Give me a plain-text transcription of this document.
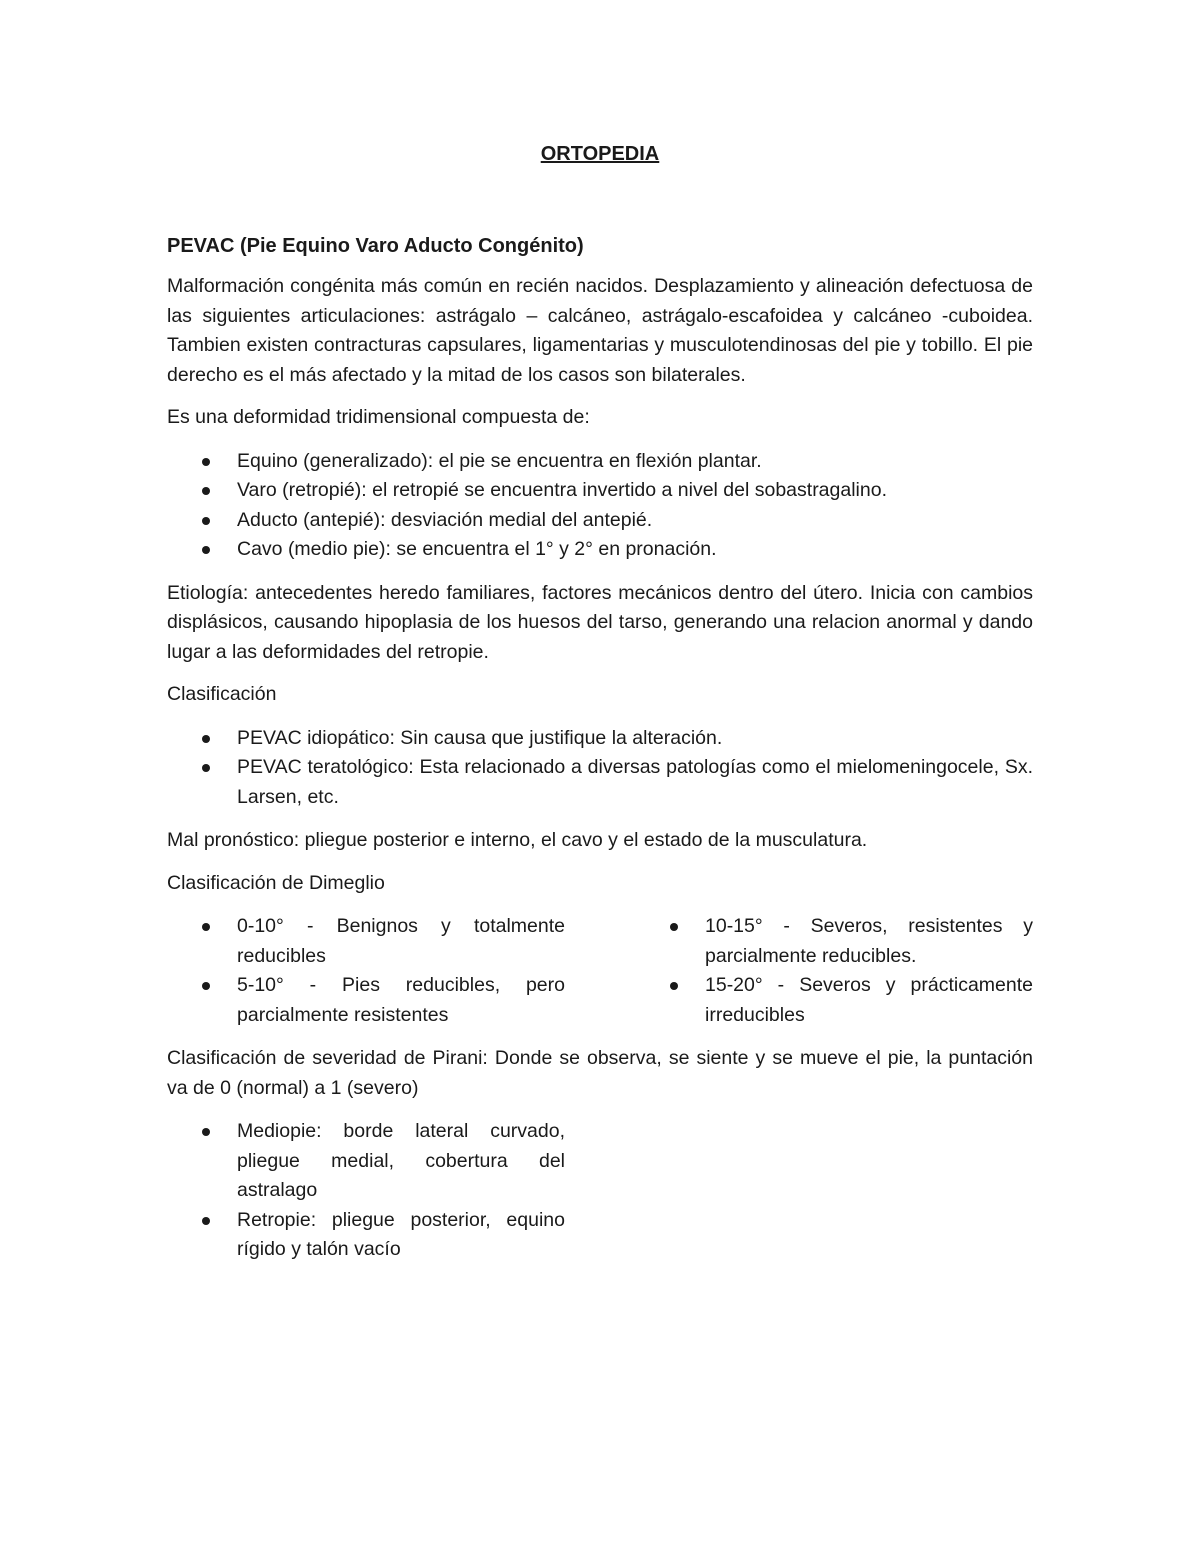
ORTOPEDIA
PEVAC (Pie Equino Varo Aducto Congénito)

Malformación congénita más común en recién nacidos. Desplazamiento y alineación defectuosa de las siguientes articulaciones: astrágalo – calcáneo, astrágalo-escafoidea y calcáneo -cuboidea. Tambien existen contracturas capsulares, ligamentarias y musculotendinosas del pie y tobillo. El pie derecho es el más afectado y la mitad de los casos son bilaterales.

Es una deformidad tridimensional compuesta de:

Equino (generalizado): el pie se encuentra en flexión plantar.
Varo (retropié): el retropié se encuentra invertido a nivel del sobastragalino.
Aducto (antepié): desviación medial del antepié.
Cavo (medio pie): se encuentra el 1° y 2° en pronación.

Etiología: antecedentes heredo familiares, factores mecánicos dentro del útero. Inicia con cambios displásicos, causando hipoplasia de los huesos del tarso, generando una relacion anormal y dando lugar a las deformidades del retropie.

Clasificación

PEVAC idiopático: Sin causa que justifique la alteración.
PEVAC teratológico: Esta relacionado a diversas patologías como el mielomeningocele, Sx. Larsen, etc.

Mal pronóstico: pliegue posterior e interno, el cavo y el estado de la musculatura.

Clasificación de Dimeglio

0-10° - Benignos y totalmente reducibles
5-10° - Pies reducibles, pero parcialmente resistentes
10-15° - Severos, resistentes y parcialmente reducibles.
15-20° - Severos y prácticamente irreducibles

Clasificación de severidad de Pirani: Donde se observa, se siente y se mueve el pie, la puntación va de 0 (normal) a 1 (severo)

Mediopie: borde lateral curvado, pliegue medial, cobertura del astralago
Retropie: pliegue posterior, equino rígido y talón vacío
